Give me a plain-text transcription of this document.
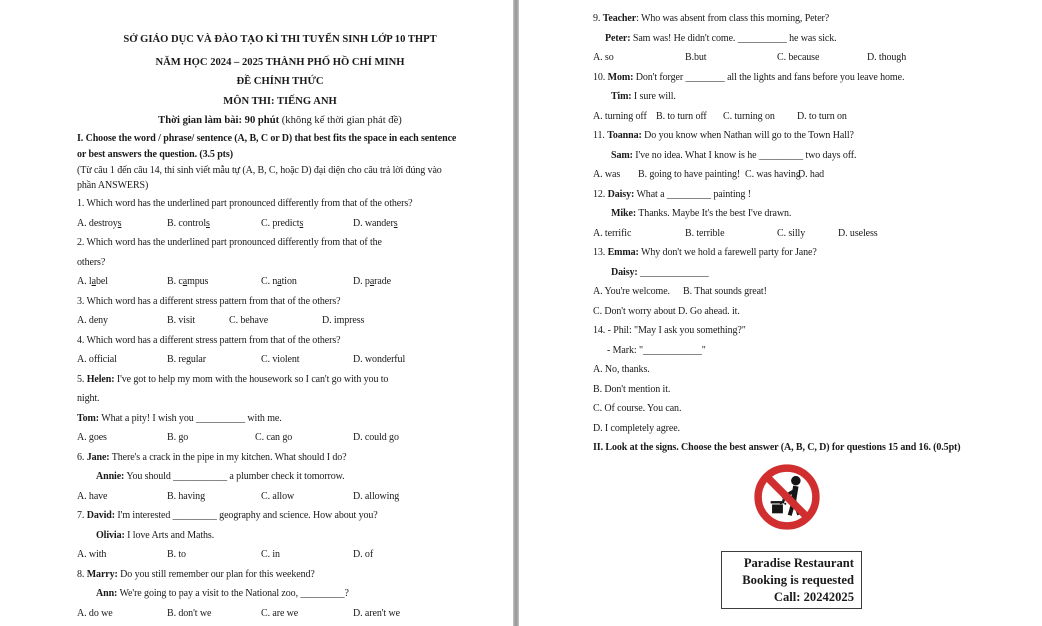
SỞ GIÁO DỤC VÀ ĐÀO TẠO KÌ THI TUYỂN SINH LỚP 10 THPT
NĂM HỌC 2024 – 2025 THÀNH PHỐ HỒ CHÍ MINH
ĐỀ CHÍNH THỨC
MÔN THI: TIẾNG ANH
Thời gian làm bài: 90 phút (không kể thời gian phát đề)
I. Choose the word / phrase/ sentence (A, B, C or D) that best fits the space in each sentence
or best answers the question. (3.5 pts)
(Từ câu 1 đến câu 14, thí sinh viết mẫu tự (A, B, C, hoặc D) đại diện cho câu trả lời đúng vào
phần ANSWERS)
1. Which word has the underlined part pronounced differently from that of the others?
A. destroys	B. controls	C. predicts	D. wanders
2. Which word has the underlined part pronounced differently from that of the
others?
A. label	B. campus	C. nation	D. parade
3. Which word has a different stress pattern from that of the others?
A. deny	B. visit	C. behave	D. impress
4. Which word has a different stress pattern from that of the others?
A. official	B. regular	C. violent	D. wonderful
5. Helen: I've got to help my mom with the housework so I can't go with you to
night.
Tom: What a pity! I wish you __________ with me.
A. goes	B. go	C. can go	D. could go
6. Jane: There's a crack in the pipe in my kitchen. What should I do?
Annie: You should ___________ a plumber check it tomorrow.
A. have	B. having	C. allow	D. allowing
7. David: I'm interested _________ geography and science. How about you?
Olivia: I love Arts and Maths.
A. with	B. to	C. in	D. of
8. Marry: Do you still remember our plan for this weekend?
Ann: We're going to pay a visit to the National zoo, _________?
A. do we	B. don't we	C. are we	D. aren't we
9. Teacher: Who was absent from class this morning, Peter?
Peter: Sam was! He didn't come. __________ he was sick.
A. so	B.but	C. because	D. though
10. Mom: Don't forger ________ all the lights and fans before you leave home.
Tim: I sure will.
A. turning off B. to turn off C. turning on D. to turn on
11. Toanna: Do you know when Nathan will go to the Town Hall?
Sam: I've no idea. What I know is he _________ two days off.
A. was B. going to have painting! C. was having
D. had
12. Daisy: What a _________ painting !
Mike: Thanks. Maybe It's the best I've drawn.
A. terrific	B. terrible	C. silly	D. useless
13. Emma: Why don't we hold a farewell party for Jane?
Daisy: ______________
A. You're welcome. B. That sounds great!
C. Don't worry about D. Go ahead. it.
14. - Phil: "May I ask you something?"
- Mark: "____________"
A. No, thanks.
B. Don't mention it.
C. Of course. You can.
D. I completely agree.
II. Look at the signs. Choose the best answer (A, B, C, D) for questions 15 and 16. (0.5pt)
Paradise Restaurant
Booking is requested
Call: 20242025
